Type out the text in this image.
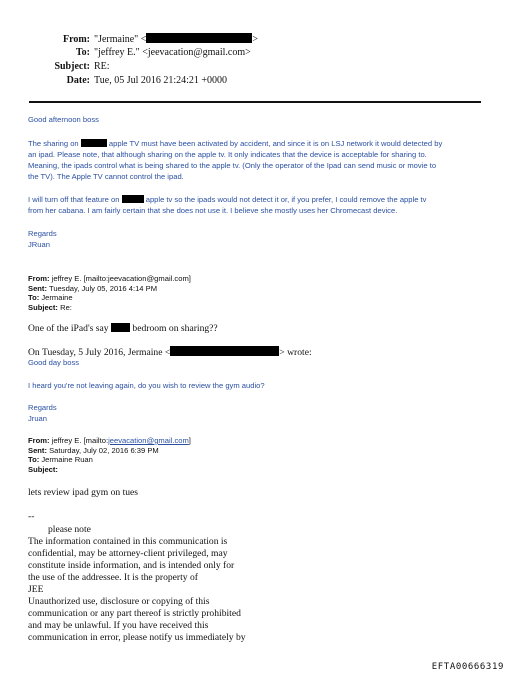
From: "Jermaine" <	>
To: "jeffrey E." <jeevacation@gmail.com>
Subject: RE:
Date: Tue, 05 Jul 2016 21:24:21 +0000
Good afternoon boss
The sharing on	apple TV must have been activated by accident, and since it is on LSJ network it would detected by
an ipad. Please note, that although sharing on the apple tv. It only indicates that the device is acceptable for sharing to.
Meaning, the ipads control what is being shared to the apple tv. (Only the operator of the Ipad can send music or movie to
the TV). The Apple TV cannot control the ipad.
I will turn off that feature on	apple tv so the ipads would not detect it or, if you prefer, I could remove the apple tv
from her cabana. I am fairly certain that she does not use it. I believe she mostly uses her Chromecast device.
Regards
JRuan
From: jeffrey E. [mailto:jeevacation@gmail.com]
Sent: Tuesday, July 05, 2016 4:14 PM
To: Jermaine
Subject: Re:
One of the iPad's say bedroom on sharing??
On Tuesday, 5 July 2016, Jermaine <	> wrote:
Good day boss
I heard you're not leaving again, do you wish to review the gym audio?
Regards
Jruan
From: jeffrey E. [mailto:jeevacation@gmail.com]
Sent: Saturday, July 02, 2016 6:39 PM
To: Jermaine Ruan
Subject:
lets review ipad gym on tues
--
please note
The information contained in this communication is
confidential, may be attorney-client privileged, may
constitute inside information, and is intended only for
the use of the addressee. It is the property of
JEE
Unauthorized use, disclosure or copying of this
communication or any part thereof is strictly prohibited
and may be unlawful. If you have received this
communication in error, please notify us immediately by
EFTA00666319
